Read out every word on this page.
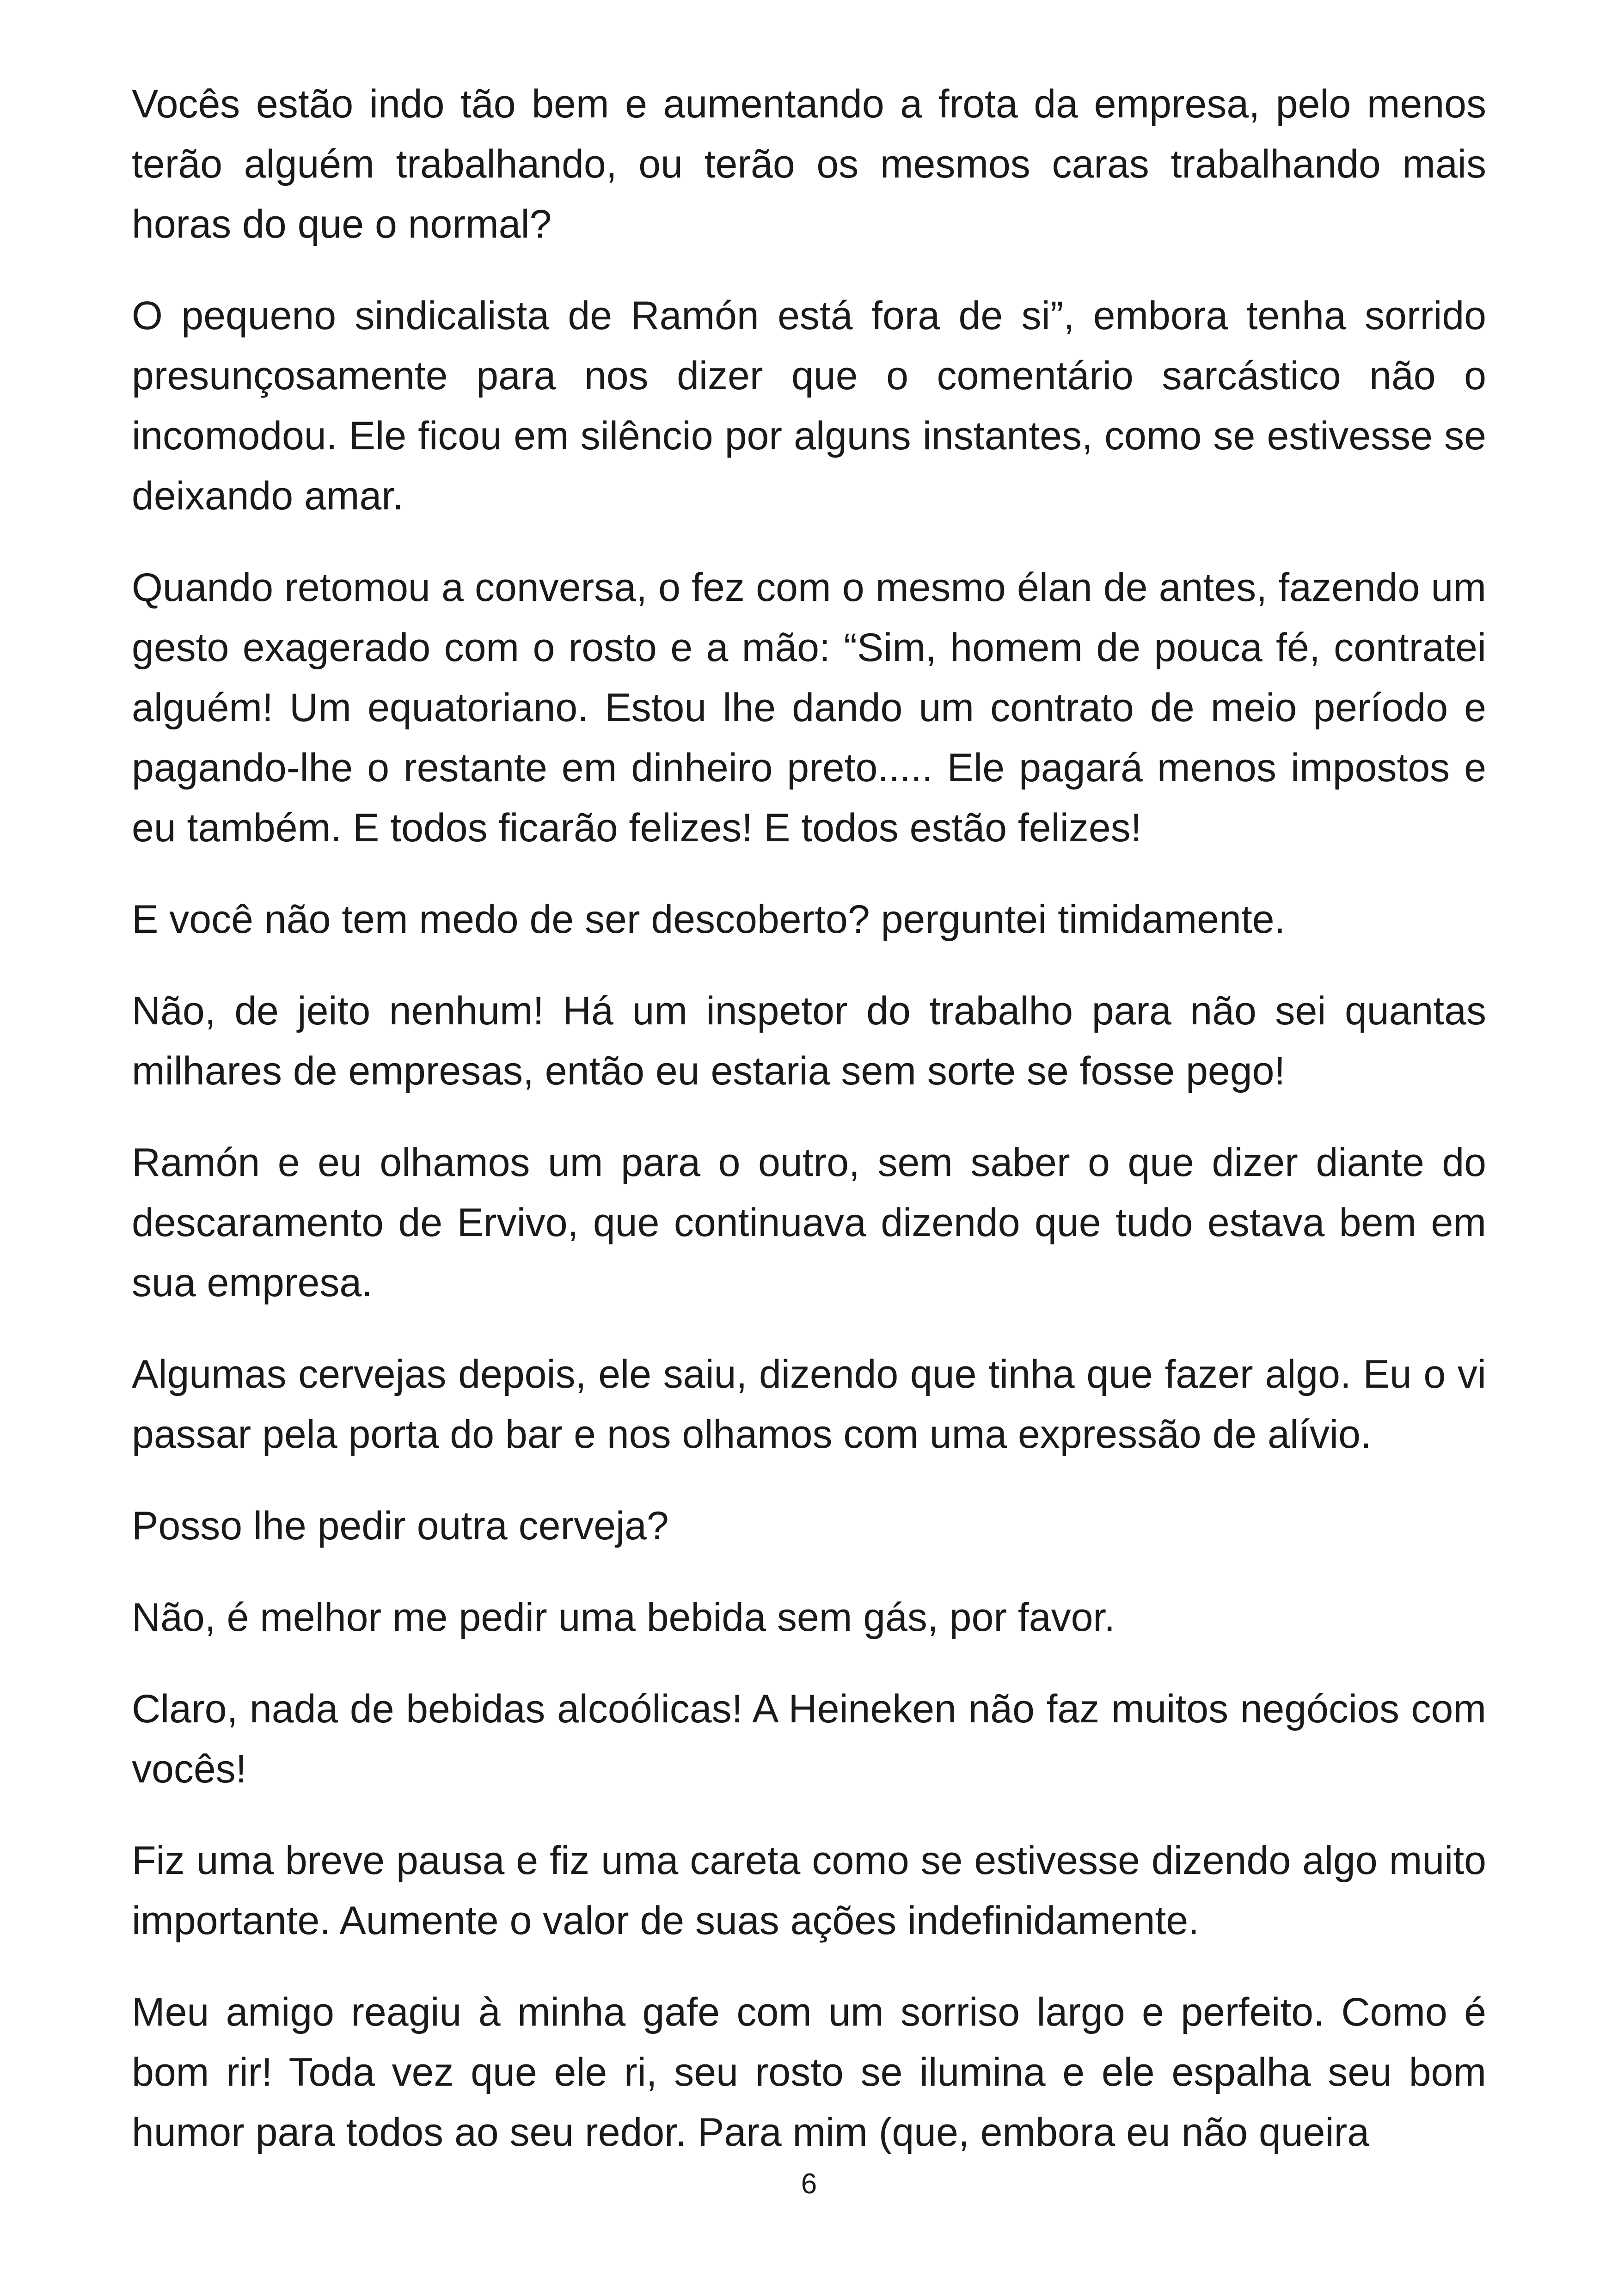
Vocês estão indo tão bem e aumentando a frota da empresa, pelo menos terão alguém trabalhando, ou terão os mesmos caras trabalhando mais horas do que o normal?

O pequeno sindicalista de Ramón está fora de si”, embora tenha sorrido presunçosamente para nos dizer que o comentário sarcástico não o incomodou. Ele ficou em silêncio por alguns instantes, como se estivesse se deixando amar.

Quando retomou a conversa, o fez com o mesmo élan de antes, fazendo um gesto exagerado com o rosto e a mão: “Sim, homem de pouca fé, contratei alguém! Um equatoriano. Estou lhe dando um contrato de meio período e pagando-lhe o restante em dinheiro preto..... Ele pagará menos impostos e eu também. E todos ficarão felizes! E todos estão felizes!

E você não tem medo de ser descoberto? perguntei timidamente.

Não, de jeito nenhum! Há um inspetor do trabalho para não sei quantas milhares de empresas, então eu estaria sem sorte se fosse pego!

Ramón e eu olhamos um para o outro, sem saber o que dizer diante do descaramento de Ervivo, que continuava dizendo que tudo estava bem em sua empresa.

Algumas cervejas depois, ele saiu, dizendo que tinha que fazer algo. Eu o vi passar pela porta do bar e nos olhamos com uma expressão de alívio.

Posso lhe pedir outra cerveja?

Não, é melhor me pedir uma bebida sem gás, por favor.

Claro, nada de bebidas alcoólicas! A Heineken não faz muitos negócios com vocês!

Fiz uma breve pausa e fiz uma careta como se estivesse dizendo algo muito importante. Aumente o valor de suas ações indefinidamente.

Meu amigo reagiu à minha gafe com um sorriso largo e perfeito. Como é bom rir! Toda vez que ele ri, seu rosto se ilumina e ele espalha seu bom humor para todos ao seu redor. Para mim (que, embora eu não queira

6
